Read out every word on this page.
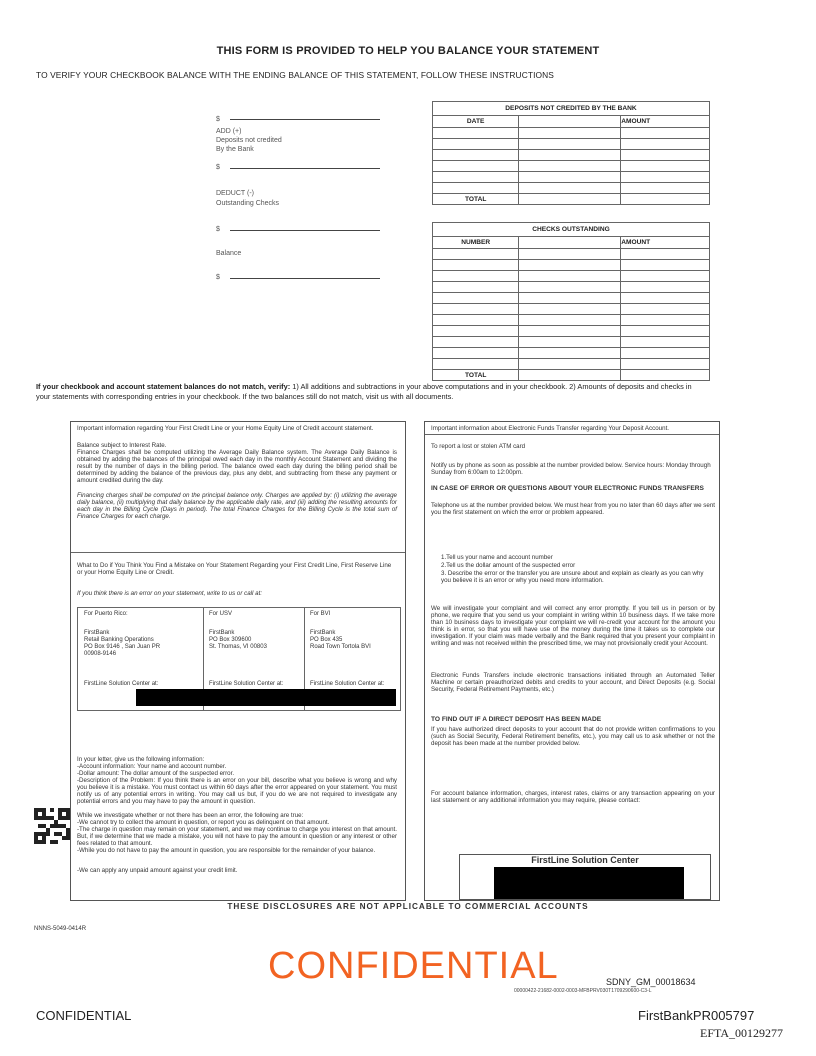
THIS FORM IS PROVIDED TO HELP YOU BALANCE YOUR STATEMENT
TO VERIFY YOUR CHECKBOOK BALANCE WITH THE ENDING BALANCE OF THIS STATEMENT, FOLLOW THESE INSTRUCTIONS
$
ADD (+)
Deposits not credited
By the Bank
$
DEDUCT (-)
Outstanding Checks
$
Balance
$
DEPOSITS NOT CREDITED BY THE BANK		
DATE		AMOUNT

TOTAL		
CHECKS OUTSTANDING		
NUMBER		AMOUNT

TOTAL		
If your checkbook and account statement balances do not match, verify: 1) All additions and subtractions in your above computations and in your checkbook. 2) Amounts of deposits and checks in your statements with corresponding entries in your checkbook. If the two balances still do not match, visit us with all documents.
Important information regarding Your First Credit Line or your Home Equity Line of Credit account statement.
Balance subject to Interest Rate.
Finance Charges shall be computed utilizing the Average Daily Balance system. The Average Daily Balance is obtained by adding the balances of the principal owed each day in the monthly Account Statement and dividing the result by the number of days in the billing period. The balance owed each day during the billing period shall be determined by adding the balance of the previous day, plus any debt, and subtracting from these any payment or amount credited during the day.
Financing charges shall be computed on the principal balance only. Charges are applied by: (i) utilizing the average daily balance, (ii) multiplying that daily balance by the applicable daily rate, and (iii) adding the resulting amounts for each day in the Billing Cycle (Days in period). The total Finance Charges for the Billing Cycle is the total sum of Finance Charges for each charge.
What to Do if You Think You Find a Mistake on Your Statement Regarding your First Credit Line, First Reserve Line or your Home Equity Line or Credit.
If you think there is an error on your statement, write to us or call at:
For Puerto Rico:
FirstBank
Retail Banking Operations
PO Box 9146 , San Juan PR
00908-9146
FirstLine Solution Center at:
For USV
FirstBank
PO Box 309600
St. Thomas, VI 00803
FirstLine Solution Center at:
For BVI
FirstBank
PO Box 435
Road Town Tortola BVI
FirstLine Solution Center at:
In your letter, give us the following information:
-Account information: Your name and account number.
-Dollar amount: The dollar amount of the suspected error.
-Description of the Problem: If you think there is an error on your bill, describe what you believe is wrong and why you believe it is a mistake. You must contact us within 60 days after the error appeared on your statement. You must notify us of any potential errors in writing. You may call us but, if you do we are not required to investigate any potential errors and you may have to pay the amount in question.
While we investigate whether or not there has been an error, the following are true:
-We cannot try to collect the amount in question, or report you as delinquent on that amount.
-The charge in question may remain on your statement, and we may continue to charge you interest on that amount. But, if we determine that we made a mistake, you will not have to pay the amount in question or any interest or other fees related to that amount.
-While you do not have to pay the amount in question, you are responsible for the remainder of your balance.
-We can apply any unpaid amount against your credit limit.
Important information about Electronic Funds Transfer regarding Your Deposit Account.
To report a lost or stolen ATM card
Notify us by phone as soon as possible at the number provided below. Service hours: Monday through Sunday from 6:00am to 12:00pm.
IN CASE OF ERROR OR QUESTIONS ABOUT YOUR ELECTRONIC FUNDS TRANSFERS
Telephone us at the number provided below. We must hear from you no later than 60 days after we sent you the first statement on which the error or problem appeared.
1.Tell us your name and account number
2.Tell us the dollar amount of the suspected error
3. Describe the error or the transfer you are unsure about and explain as clearly as you can why you believe it is an error or why you need more information.
We will investigate your complaint and will correct any error promptly. If you tell us in person or by phone, we require that you send us your complaint in writing within 10 business days. If we take more than 10 business days to investigate your complaint we will re-credit your account for the amount you think is in error, so that you will have use of the money during the time it takes us to complete our investigation. If your claim was made verbally and the Bank required that you present your complaint in writing and was not received within the prescribed time, we may not provisionally credit your Account.
Electronic Funds Transfers include electronic transactions initiated through an Automated Teller Machine or certain preauthorized debits and credits to your account, and Direct Deposits (e.g. Social Security, Federal Retirement Payments, etc.)
TO FIND OUT IF A DIRECT DEPOSIT HAS BEEN MADE
If you have authorized direct deposits to your account that do not provide written confirmations to you (such as Social Security, Federal Retirement benefits, etc.), you may call us to ask whether or not the deposit has been made at the number provided below.
For account balance information, charges, interest rates, claims or any transaction appearing on your last statement or any additional information you may require, please contact:
FirstLine Solution Center
THESE DISCLOSURES ARE NOT APPLICABLE TO COMMERCIAL ACCOUNTS
NNNS-5049-0414R
CONFIDENTIAL	SDNY_GM_00018634
00000422-21682-0002-0003-MFBPRV030T1709290600-C3-L
CONFIDENTIAL	FirstBankPR005797
EFTA_00129277
